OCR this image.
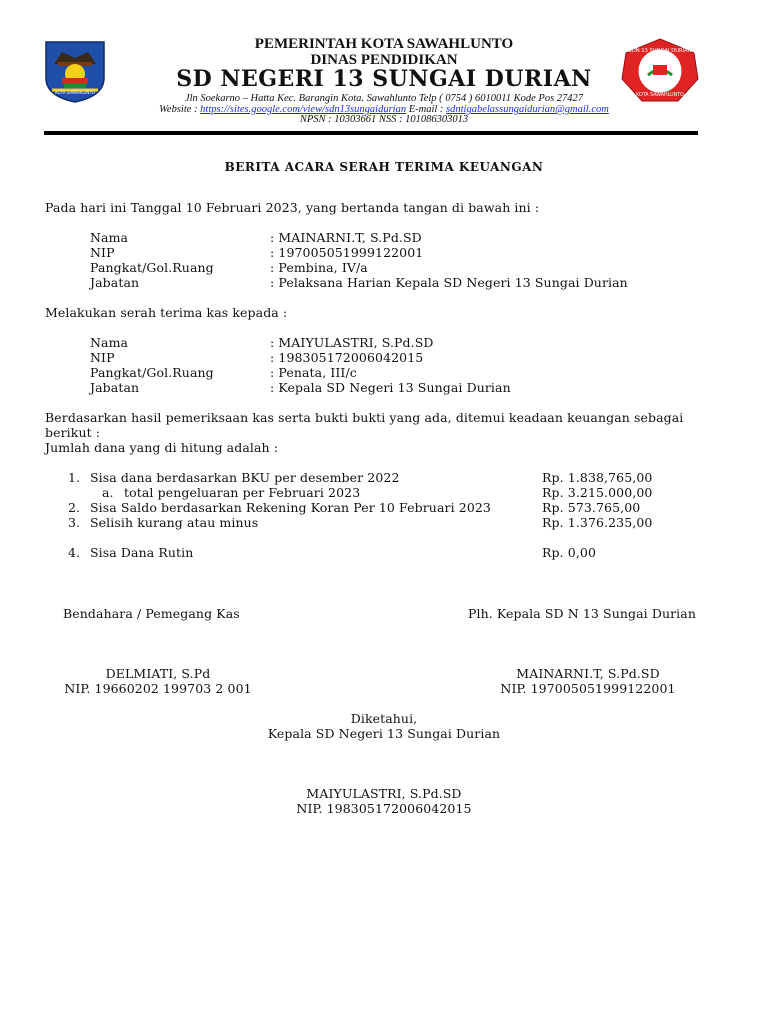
KOTA SAWAHLUNTO
SDN 13 SUNGAI DURIAN
KOTA SAWAHLUNTO
PEMERINTAH KOTA SAWAHLUNTO
DINAS PENDIDIKAN
SD NEGERI 13 SUNGAI DURIAN
Jln Soekarno – Hatta Kec. Barangin Kota. Sawahlunto Telp ( 0754 ) 6010011 Kode Pos 27427
Website : https://sites.google.com/view/sdn13sungaidurian E-mail : sdntigabelassungaidurian@gmail.com
NPSN : 10303661 NSS : 101086303013
BERITA ACARA SERAH TERIMA KEUANGAN
Pada hari ini Tanggal 10 Februari 2023, yang bertanda tangan di bawah ini :
Nama	: MAINARNI.T, S.Pd.SD
NIP	: 197005051999122001
Pangkat/Gol.Ruang	: Pembina, IV/a
Jabatan	: Pelaksana Harian Kepala SD Negeri 13 Sungai Durian
Melakukan serah terima kas kepada :
Nama	: MAIYULASTRI, S.Pd.SD
NIP	: 198305172006042015
Pangkat/Gol.Ruang	: Penata, III/c
Jabatan	: Kepala SD Negeri 13 Sungai Durian
Berdasarkan hasil pemeriksaan kas serta bukti bukti yang ada, ditemui keadaan keuangan sebagai
berikut :
Jumlah dana yang di hitung adalah :
1. Sisa dana berdasarkan BKU per desember 2022	Rp. 1.838,765,00
a. total pengeluaran per Februari 2023	Rp. 3.215.000,00
2. Sisa Saldo berdasarkan Rekening Koran Per 10 Februari 2023	Rp. 573.765,00
3. Selisih kurang atau minus	Rp. 1.376.235,00
4. Sisa Dana Rutin	Rp. 0,00
Bendahara / Pemegang Kas	Plh. Kepala SD N 13 Sungai Durian
DELMIATI, S.Pd
NIP. 19660202 199703 2 001
MAINARNI.T, S.Pd.SD
NIP. 197005051999122001
Diketahui,
Kepala SD Negeri 13 Sungai Durian
MAIYULASTRI, S.Pd.SD
NIP. 198305172006042015
